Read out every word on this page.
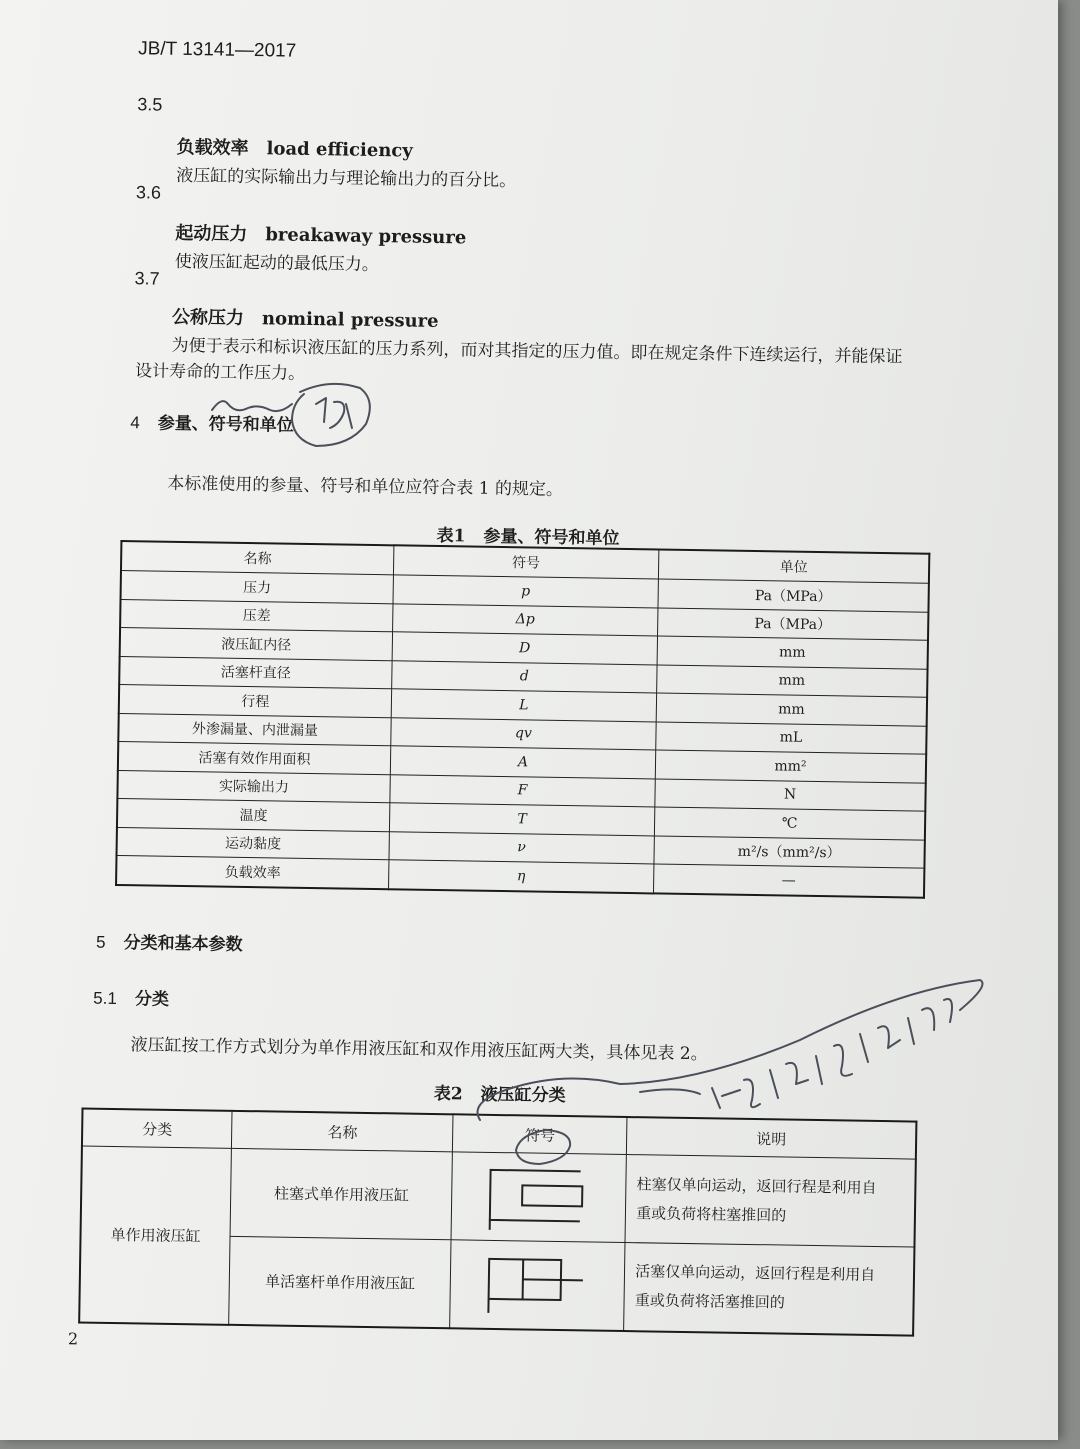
JB/T 13141—2017
3.5
负载效率 load efficiency
液压缸的实际输出力与理论输出力的百分比。
3.6
起动压力 breakaway pressure
使液压缸起动的最低压力。
3.7
公称压力 nominal pressure
为便于表示和标识液压缸的压力系列，而对其指定的压力值。即在规定条件下连续运行，并能保证
设计寿命的工作压力。
4 参量、符号和单位
本标准使用的参量、符号和单位应符合表 1 的规定。
表1 参量、符号和单位
名称	符号	单位
压力	p	Pa（MPa）
压差	Δp	Pa（MPa）
液压缸内径	D	mm
活塞杆直径	d	mm
行程	L	mm
外渗漏量、内泄漏量	qv	mL
活塞有效作用面积	A	mm²
实际输出力	F	N
温度	T	℃
运动黏度	ν	m²/s（mm²/s）
负载效率	η	—
5 分类和基本参数
5.1 分类
液压缸按工作方式划分为单作用液压缸和双作用液压缸两大类，具体见表 2。
表2 液压缸分类
分类	名称	符号	说明
单作用液压缸	柱塞式单作用液压缸		柱塞仅单向运动，返回行程是利用自
重或负荷将柱塞推回的

	单活塞杆单作用液压缸		活塞仅单向运动，返回行程是利用自
重或负荷将活塞推回的
2
